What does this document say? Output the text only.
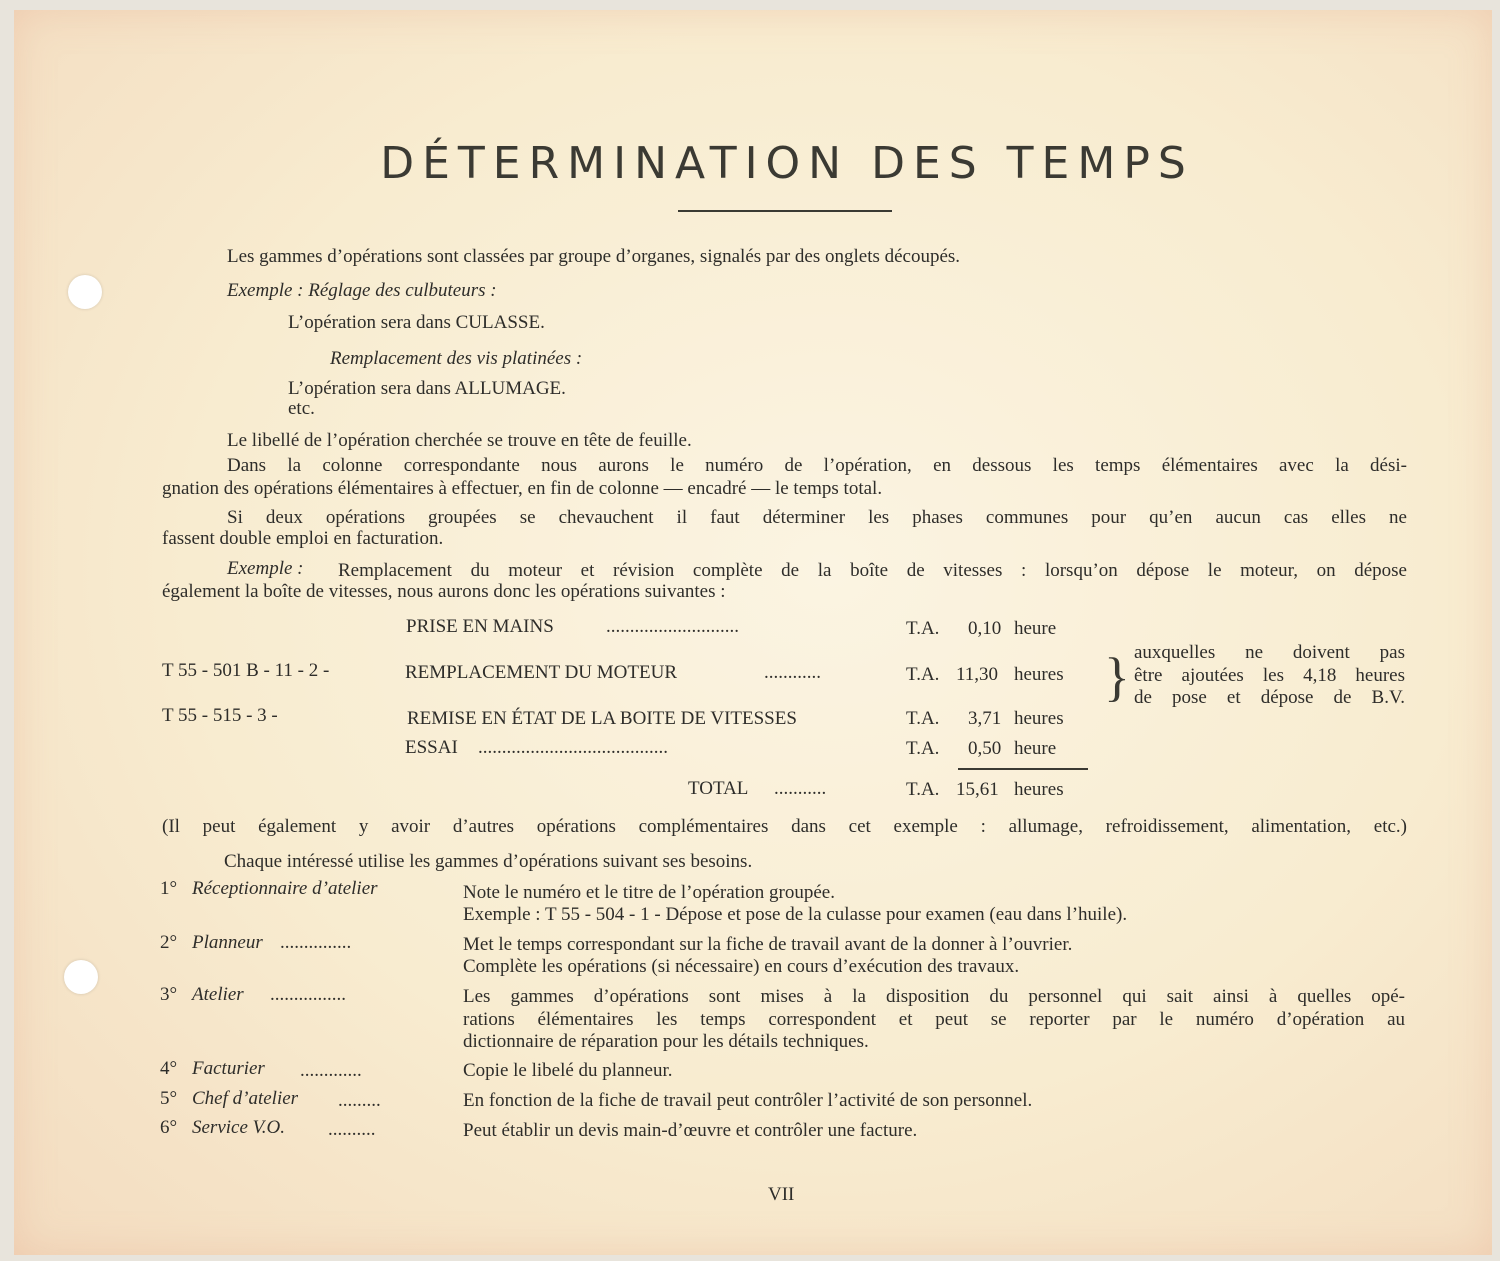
DÉTERMINATION DES TEMPS
Les gammes d’opérations sont classées par groupe d’organes, signalés par des onglets découpés.
Exemple : Réglage des culbuteurs :
L’opération sera dans CULASSE.
Remplacement des vis platinées :
L’opération sera dans ALLUMAGE.
etc.
Le libellé de l’opération cherchée se trouve en tête de feuille.
Dans la colonne correspondante nous aurons le numéro de l’opération, en dessous les temps élémentaires avec la dési-
gnation des opérations élémentaires à effectuer, en fin de colonne — encadré — le temps total.
Si deux opérations groupées se chevauchent il faut déterminer les phases communes pour qu’en aucun cas elles ne
fassent double emploi en facturation.
Exemple : Remplacement du moteur et révision complète de la boîte de vitesses : lorsqu’on dépose le moteur, on dépose
également la boîte de vitesses, nous aurons donc les opérations suivantes :
PRISE EN MAINS	............................	T.A. 0,10 heure
T 55 - 501 B - 11 - 2 -	REMPLACEMENT DU MOTEUR	............	T.A. 11,30 heures
T 55 - 515 - 3 -	REMISE EN ÉTAT DE LA BOITE DE VITESSES	T.A. 3,71 heures
ESSAI ........................................	T.A. 0,50 heure
TOTAL ...........	T.A. 15,61 heures
} auxquelles ne doivent pas
être ajoutées les 4,18 heures
de pose et dépose de B.V.
(Il peut également y avoir d’autres opérations complémentaires dans cet exemple : allumage, refroidissement, alimentation, etc.)
Chaque intéressé utilise les gammes d’opérations suivant ses besoins.
1° Réceptionnaire d’atelier	Note le numéro et le titre de l’opération groupée.
Exemple : T 55 - 504 - 1 - Dépose et pose de la culasse pour examen (eau dans l’huile).
2° Planneur ...............	Met le temps correspondant sur la fiche de travail avant de la donner à l’ouvrier.
Complète les opérations (si nécessaire) en cours d’exécution des travaux.
3° Atelier ................	Les gammes d’opérations sont mises à la disposition du personnel qui sait ainsi à quelles opé-
rations élémentaires les temps correspondent et peut se reporter par le numéro d’opération au
dictionnaire de réparation pour les détails techniques.
4° Facturier .............	Copie le libelé du planneur.
5° Chef d’atelier .........	En fonction de la fiche de travail peut contrôler l’activité de son personnel.
6° Service V.O. ..........	Peut établir un devis main-d’œuvre et contrôler une facture.
VII
